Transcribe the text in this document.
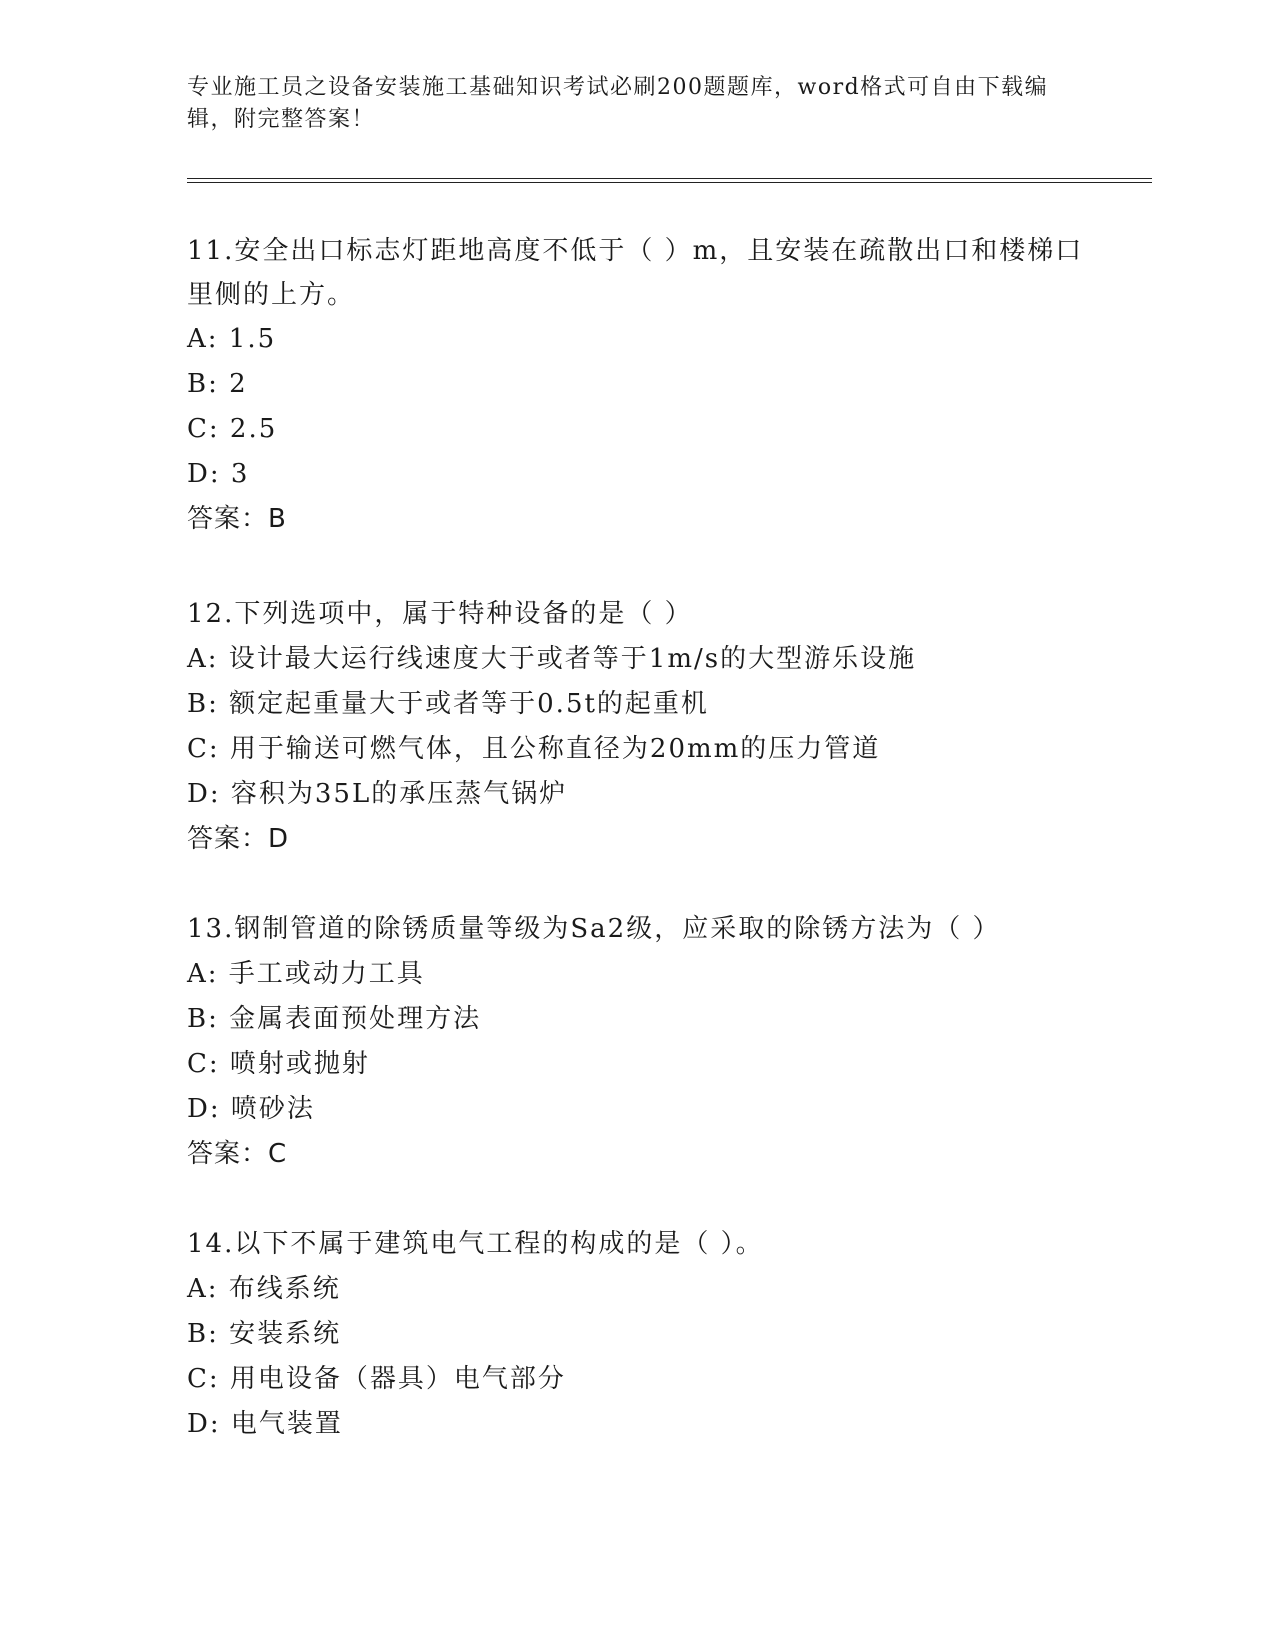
专业施工员之设备安装施工基础知识考试必刷200题题库，word格式可自由下载编辑，附完整答案！
11.安全出口标志灯距地高度不低于（ ）m，且安装在疏散出口和楼梯口里侧的上方。
A: 1.5
B: 2
C: 2.5
D: 3
答案：B
12.下列选项中，属于特种设备的是（ ）
A: 设计最大运行线速度大于或者等于1m/s的大型游乐设施
B: 额定起重量大于或者等于0.5t的起重机
C: 用于输送可燃气体，且公称直径为20mm的压力管道
D: 容积为35L的承压蒸气锅炉
答案：D
13.钢制管道的除锈质量等级为Sa2级，应采取的除锈方法为（ ）
A: 手工或动力工具
B: 金属表面预处理方法
C: 喷射或抛射
D: 喷砂法
答案：C
14.以下不属于建筑电气工程的构成的是（ ）。
A: 布线系统
B: 安装系统
C: 用电设备（器具）电气部分
D: 电气装置
